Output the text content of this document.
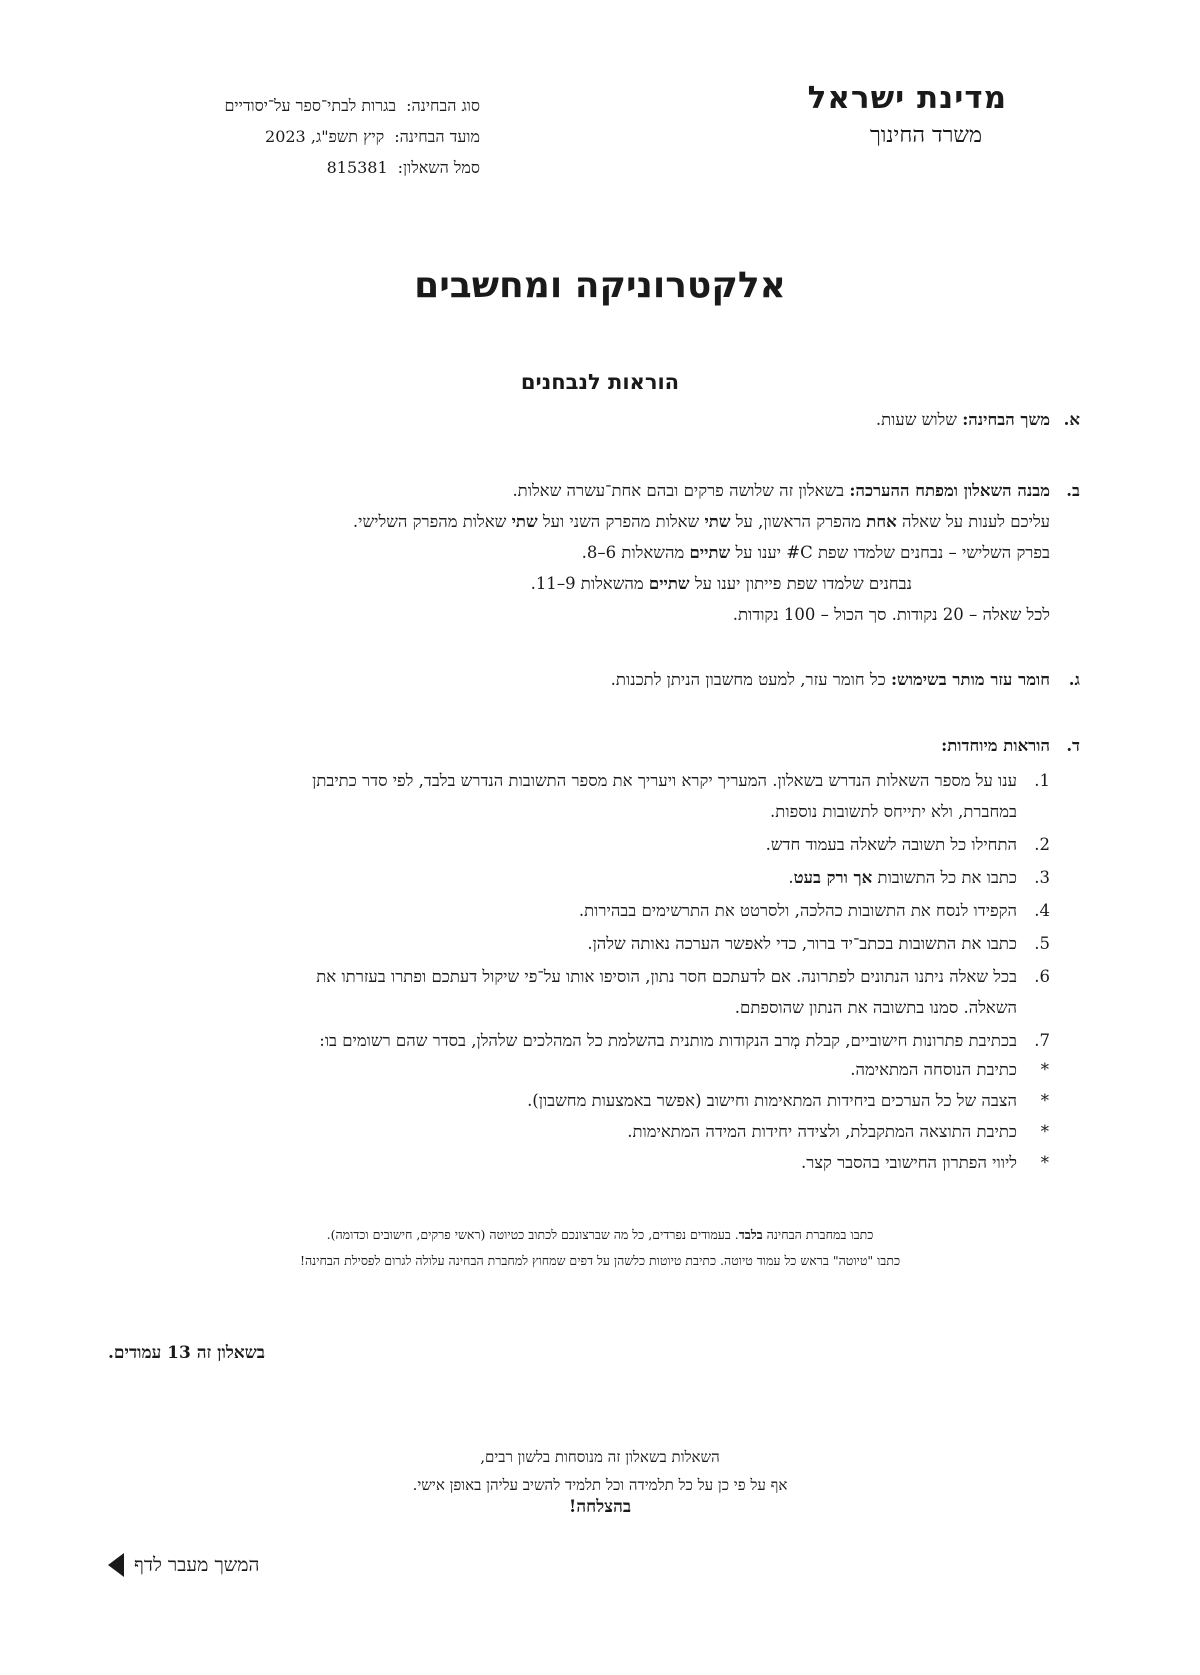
מדינת ישראל
משרד החינוך
סוג הבחינה:
בגרות לבתי־ספר על־יסודיים
מועד הבחינה:
קיץ תשפ"ג, 2023
סמל השאלון:
815381
אלקטרוניקה ומחשבים
הוראות לנבחנים
א.
משך הבחינה: שלוש שעות.
ב.
מבנה השאלון ומפתח ההערכה: בשאלון זה שלושה פרקים ובהם אחת־עשרה שאלות.
עליכם לענות על שאלה אחת מהפרק הראשון, על שתי שאלות מהפרק השני ועל שתי שאלות מהפרק השלישי.
בפרק השלישי – נבחנים שלמדו שפת C# יענו על שתיים מהשאלות 6–8.
נבחנים שלמדו שפת פייתון יענו על שתיים מהשאלות 9–11.
לכל שאלה – 20 נקודות. סך הכול – 100 נקודות.
ג.
חומר עזר מותר בשימוש: כל חומר עזר, למעט מחשבון הניתן לתכנות.
ד.
הוראות מיוחדות:
1.
ענו על מספר השאלות הנדרש בשאלון. המעריך יקרא ויעריך את מספר התשובות הנדרש בלבד, לפי סדר כתיבתן
במחברת, ולא יתייחס לתשובות נוספות.
2.
התחילו כל תשובה לשאלה בעמוד חדש.
3.
כתבו את כל התשובות אך ורק בעט.
4.
הקפידו לנסח את התשובות כהלכה, ולסרטט את התרשימים בבהירות.
5.
כתבו את התשובות בכתב־יד ברור, כדי לאפשר הערכה נאותה שלהן.
6.
בכל שאלה ניתנו הנתונים לפתרונה. אם לדעתכם חסר נתון, הוסיפו אותו על־פי שיקול דעתכם ופתרו בעזרתו את
השאלה. סמנו בתשובה את הנתון שהוספתם.
7.
בכתיבת פתרונות חישוביים, קבלת מְרב הנקודות מותנית בהשלמת כל המהלכים שלהלן, בסדר שהם רשומים בו:
*
כתיבת הנוסחה המתאימה.
*
הצבה של כל הערכים ביחידות המתאימות וחישוב (אפשר באמצעות מחשבון).
*
כתיבת התוצאה המתקבלת, ולצידה יחידות המידה המתאימות.
*
ליווי הפתרון החישובי בהסבר קצר.
כתבו במחברת הבחינה בלבד. בעמודים נפרדים, כל מה שברצונכם לכתוב כטיוטה (ראשי פרקים, חישובים וכדומה).
כתבו "טיוטה" בראש כל עמוד טיוטה. כתיבת טיוטות כלשהן על דפים שמחוץ למחברת הבחינה עלולה לגרום לפסילת הבחינה!
בשאלון זה 13 עמודים.
השאלות בשאלון זה מנוסחות בלשון רבים,
אף על פי כן על כל תלמידה וכל תלמיד להשיב עליהן באופן אישי.
בהצלחה!
המשך מעבר לדף
